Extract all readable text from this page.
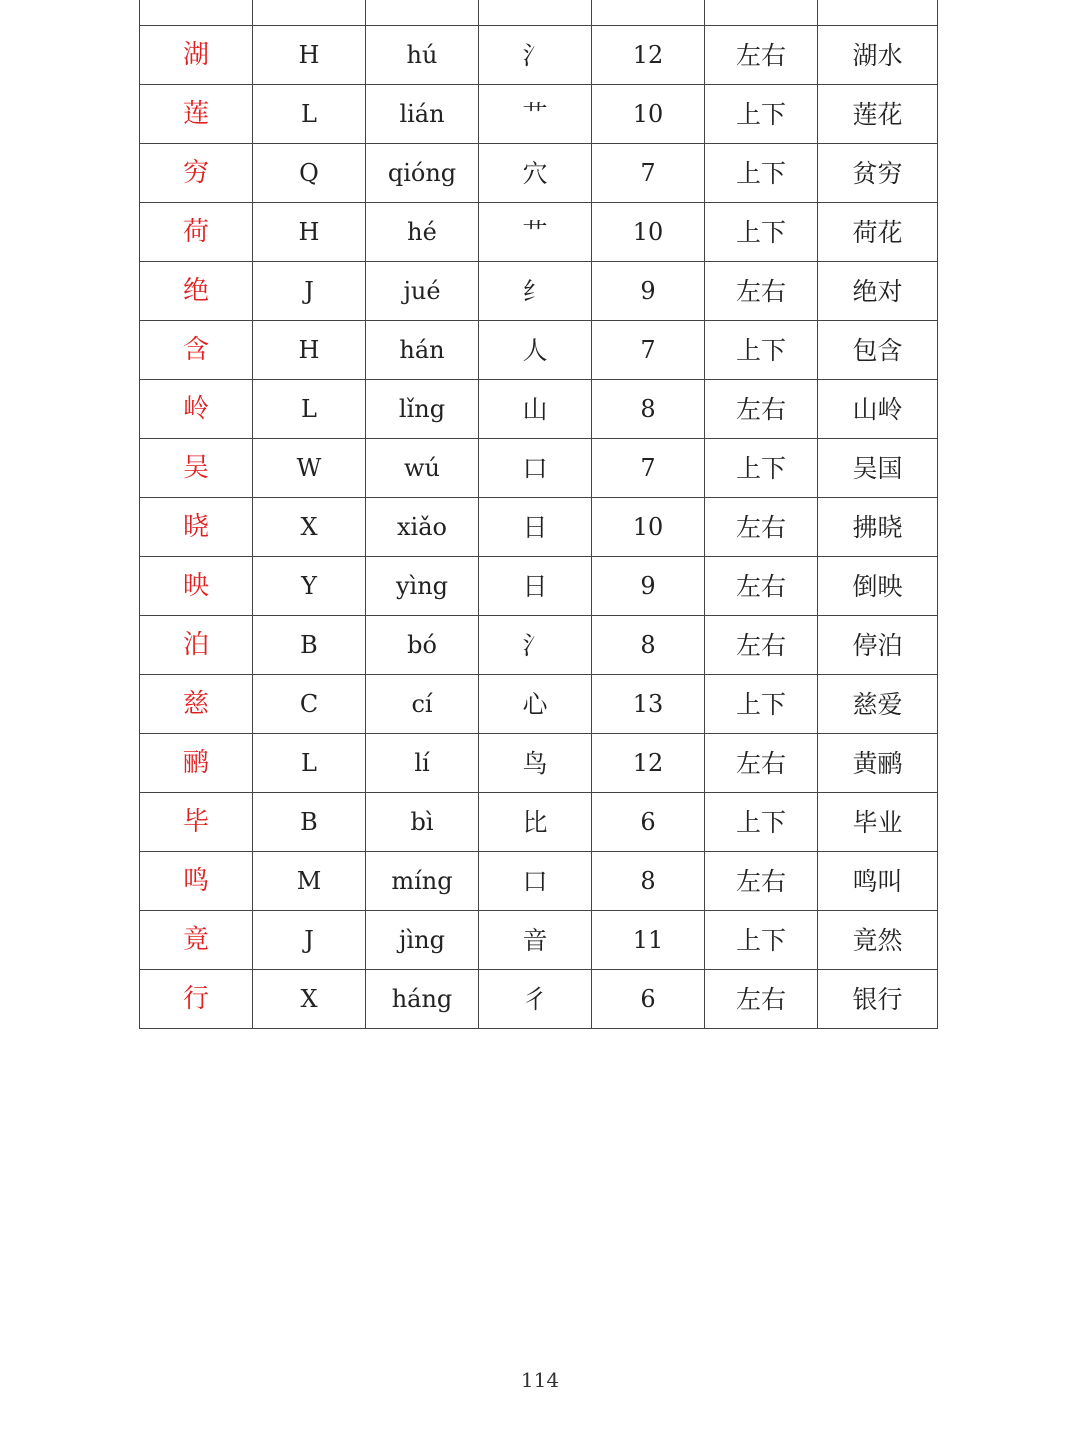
湖	H	hú	氵	12	左右	湖水
莲	L	lián	艹	10	上下	莲花
穷	Q	qióng	穴	7	上下	贫穷
荷	H	hé	艹	10	上下	荷花
绝	J	jué	纟	9	左右	绝对
含	H	hán	人	7	上下	包含
岭	L	lǐng	山	8	左右	山岭
吴	W	wú	口	7	上下	吴国
晓	X	xiǎo	日	10	左右	拂晓
映	Y	yìng	日	9	左右	倒映
泊	B	bó	氵	8	左右	停泊
慈	C	cí	心	13	上下	慈爱
鹂	L	lí	鸟	12	左右	黄鹂
毕	B	bì	比	6	上下	毕业
鸣	M	míng	口	8	左右	鸣叫
竟	J	jìng	音	11	上下	竟然
行	X	háng	彳	6	左右	银行
114
